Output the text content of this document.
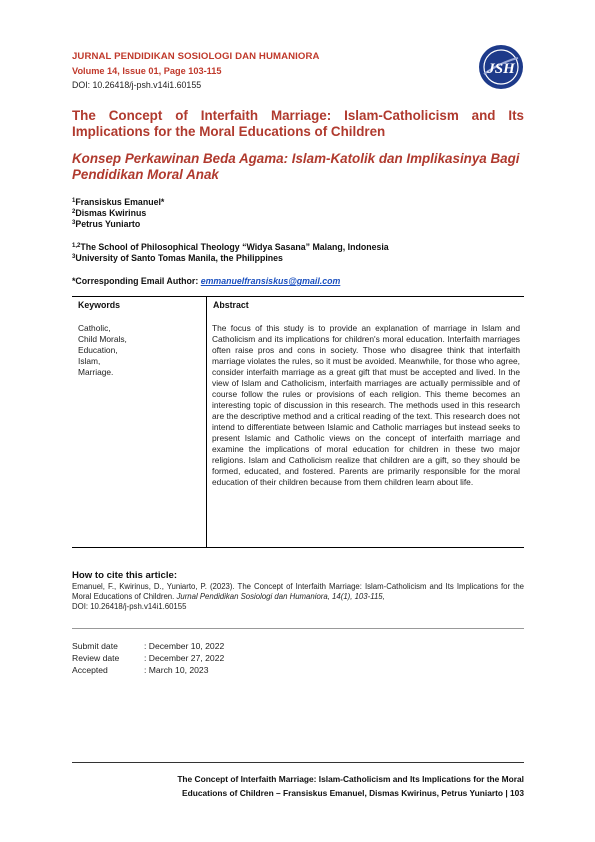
JURNAL PENDIDIKAN SOSIOLOGI DAN HUMANIORA
Volume 14, Issue 01, Page 103-115
DOI: 10.26418/j-psh.v14i1.60155
JSH
The Concept of Interfaith Marriage: Islam-Catholicism and Its Implications for the Moral Educations of Children
Konsep Perkawinan Beda Agama: Islam-Katolik dan Implikasinya Bagi Pendidikan Moral Anak
$^1$Fransiskus Emanuel*
$^2$Dismas Kwirinus
$^3$Petrus Yuniarto
$^{1,2}$The School of Philosophical Theology “Widya Sasana” Malang, Indonesia
$^3$University of Santo Tomas Manila, the Philippines
*Corresponding Email Author: emmanuelfransiskus@gmail.com
Keywords	Abstract
Catholic,
Child Morals,
Education,
Islam,
Marriage.
The focus of this study is to provide an explanation of marriage in Islam and Catholicism and its implications for children's moral education. Interfaith marriages often raise pros and cons in society. Those who disagree think that interfaith marriage violates the rules, so it must be avoided. Meanwhile, for those who agree, consider interfaith marriage as a great gift that must be accepted and lived. In the view of Islam and Catholicism, interfaith marriages are actually permissible and of course follow the rules or provisions of each religion. This theme becomes an interesting topic of discussion in this research. The methods used in this research are the descriptive method and a critical reading of the text. This research does not intend to differentiate between Islamic and Catholic marriages but instead seeks to present Islamic and Catholic views on the concept of interfaith marriage and examine the implications of moral education for children in these two major religions. Islam and Catholicism realize that children are a gift, so they should be formed, educated, and fostered. Parents are primarily responsible for the moral education of their children because from them children learn about life.
How to cite this article:
Emanuel, F., Kwirinus, D., Yuniarto, P. (2023). The Concept of Interfaith Marriage: Islam-Catholicism and Its Implications for the Moral Educations of Children. Jurnal Pendidikan Sosiologi dan Humaniora, 14(1), 103-115,
DOI: 10.26418/j-psh.v14i1.60155
Submit date	: December 10, 2022
Review date	: December 27, 2022
Accepted	: March 10, 2023
The Concept of Interfaith Marriage: Islam-Catholicism and Its Implications for the Moral
Educations of Children – Fransiskus Emanuel, Dismas Kwirinus, Petrus Yuniarto | 103
